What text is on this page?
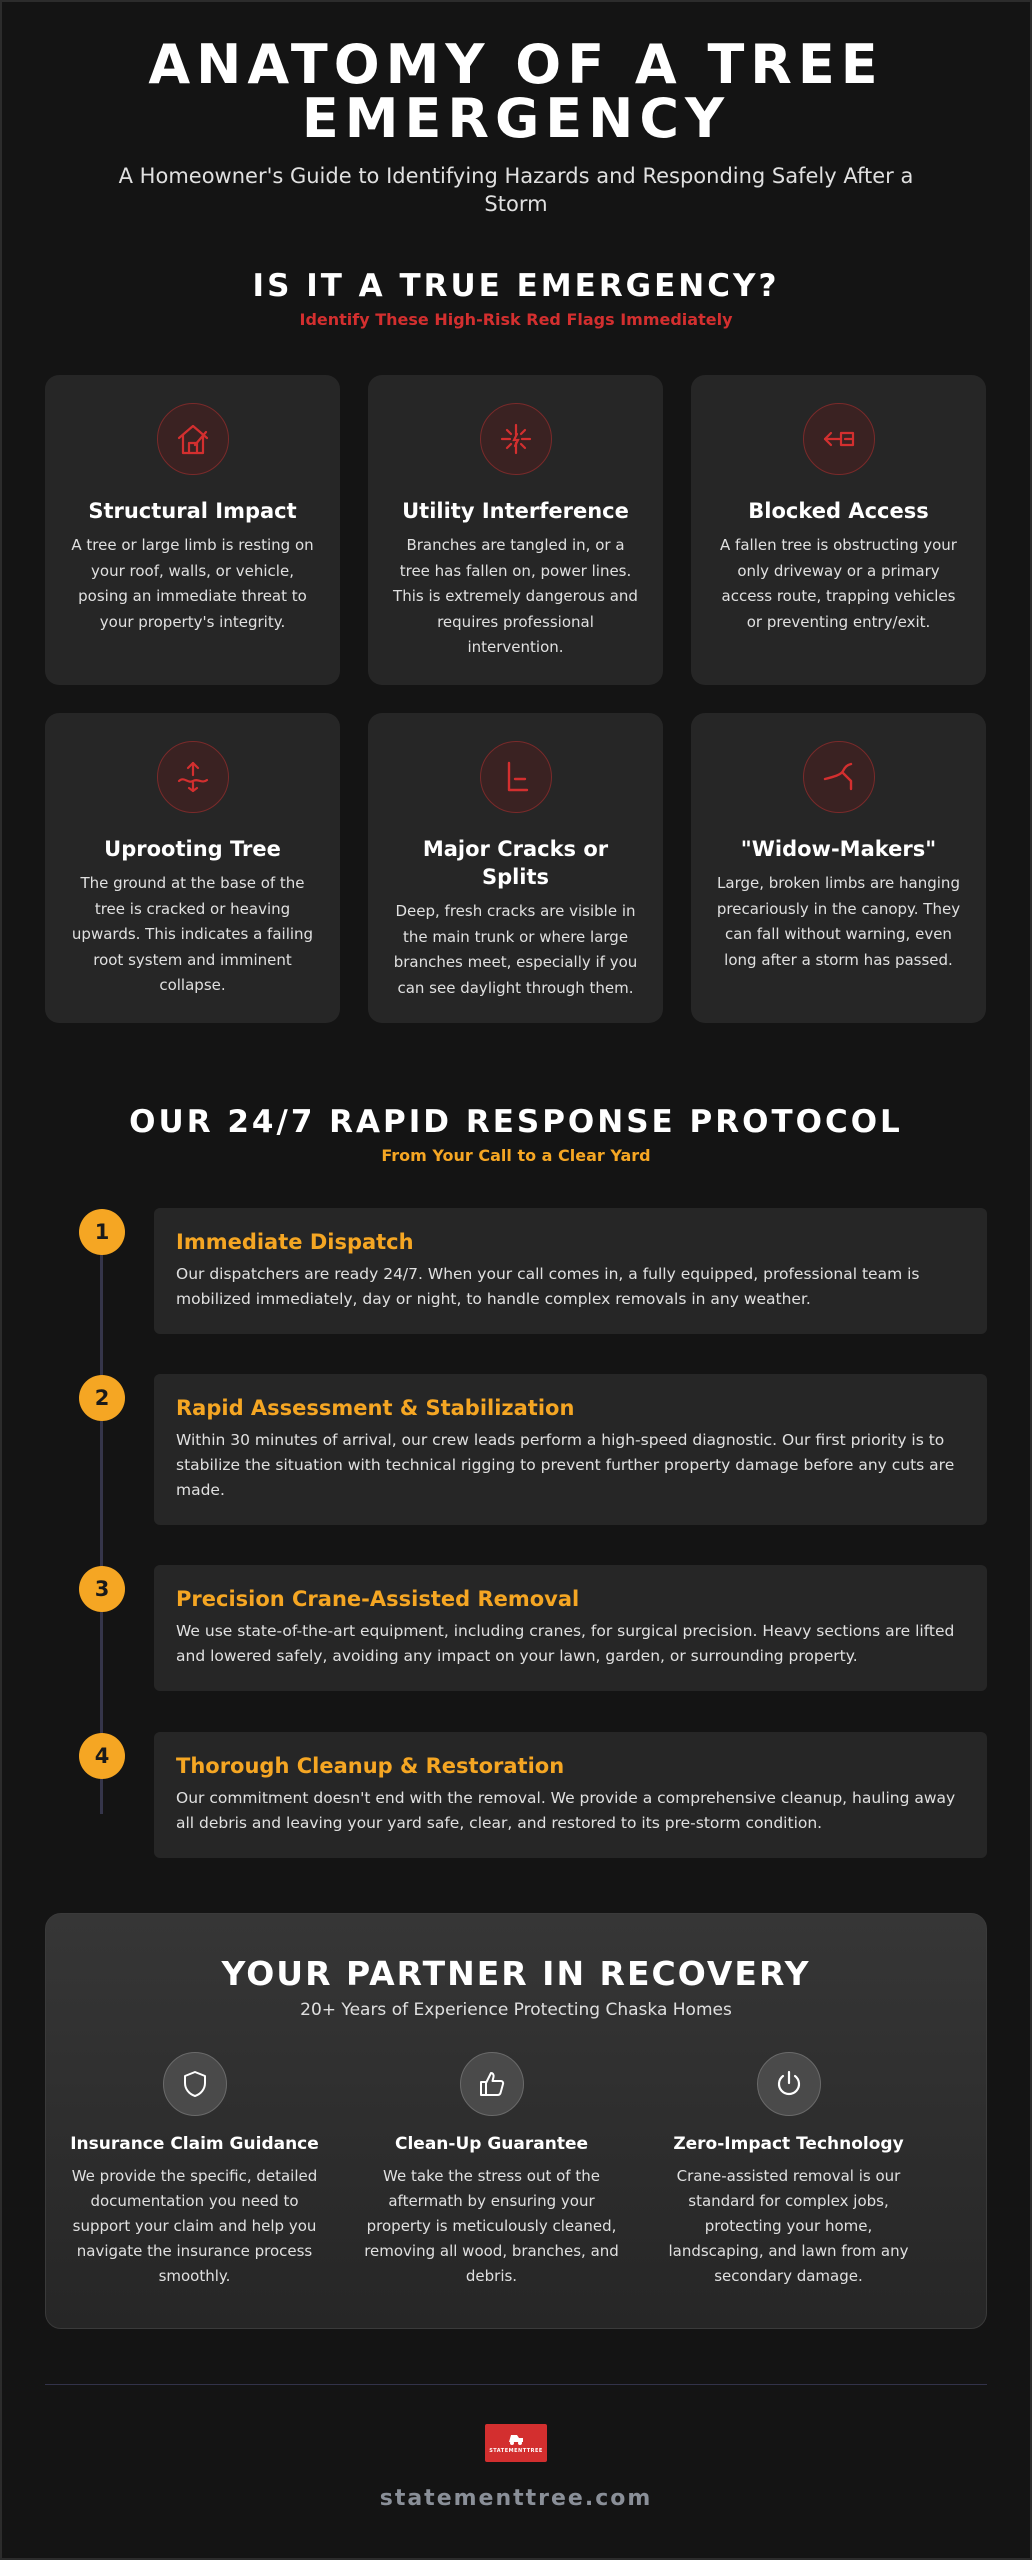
ANATOMY OF A TREE EMERGENCY

A Homeowner's Guide to Identifying Hazards and Responding Safely After a Storm

IS IT A TRUE EMERGENCY?
Identify These High-Risk Red Flags Immediately
Structural Impact

A tree or large limb is resting on your roof, walls, or vehicle, posing an immediate threat to your property's integrity.

Utility Interference

Branches are tangled in, or a tree has fallen on, power lines. This is extremely dangerous and requires professional intervention.

Blocked Access

A fallen tree is obstructing your only driveway or a primary access route, trapping vehicles or preventing entry/exit.

Uprooting Tree

The ground at the base of the tree is cracked or heaving upwards. This indicates a failing root system and imminent collapse.

Major Cracks or Splits

Deep, fresh cracks are visible in the main trunk or where large branches meet, especially if you can see daylight through them.

"Widow-Makers"

Large, broken limbs are hanging precariously in the canopy. They can fall without warning, even long after a storm has passed.

OUR 24/7 RAPID RESPONSE PROTOCOL
From Your Call to a Clear Yard
1	Immediate Dispatch

Our dispatchers are ready 24/7. When your call comes in, a fully equipped, professional team is mobilized immediately, day or night, to handle complex removals in any weather.

2	Rapid Assessment & Stabilization

Within 30 minutes of arrival, our crew leads perform a high-speed diagnostic. Our first priority is to stabilize the situation with technical rigging to prevent further property damage before any cuts are made.

3	Precision Crane-Assisted Removal

We use state-of-the-art equipment, including cranes, for surgical precision. Heavy sections are lifted and lowered safely, avoiding any impact on your lawn, garden, or surrounding property.

4	Thorough Cleanup & Restoration

Our commitment doesn't end with the removal. We provide a comprehensive cleanup, hauling away all debris and leaving your yard safe, clear, and restored to its pre-storm condition.

YOUR PARTNER IN RECOVERY
20+ Years of Experience Protecting Chaska Homes
Insurance Claim Guidance

We provide the specific, detailed documentation you need to support your claim and help you navigate the insurance process smoothly.

Clean-Up Guarantee

We take the stress out of the aftermath by ensuring your property is meticulously cleaned, removing all wood, branches, and debris.

Zero-Impact Technology

Crane-assisted removal is our standard for complex jobs, protecting your home, landscaping, and lawn from any secondary damage.

STATEMENTTREE
statementtree.com
